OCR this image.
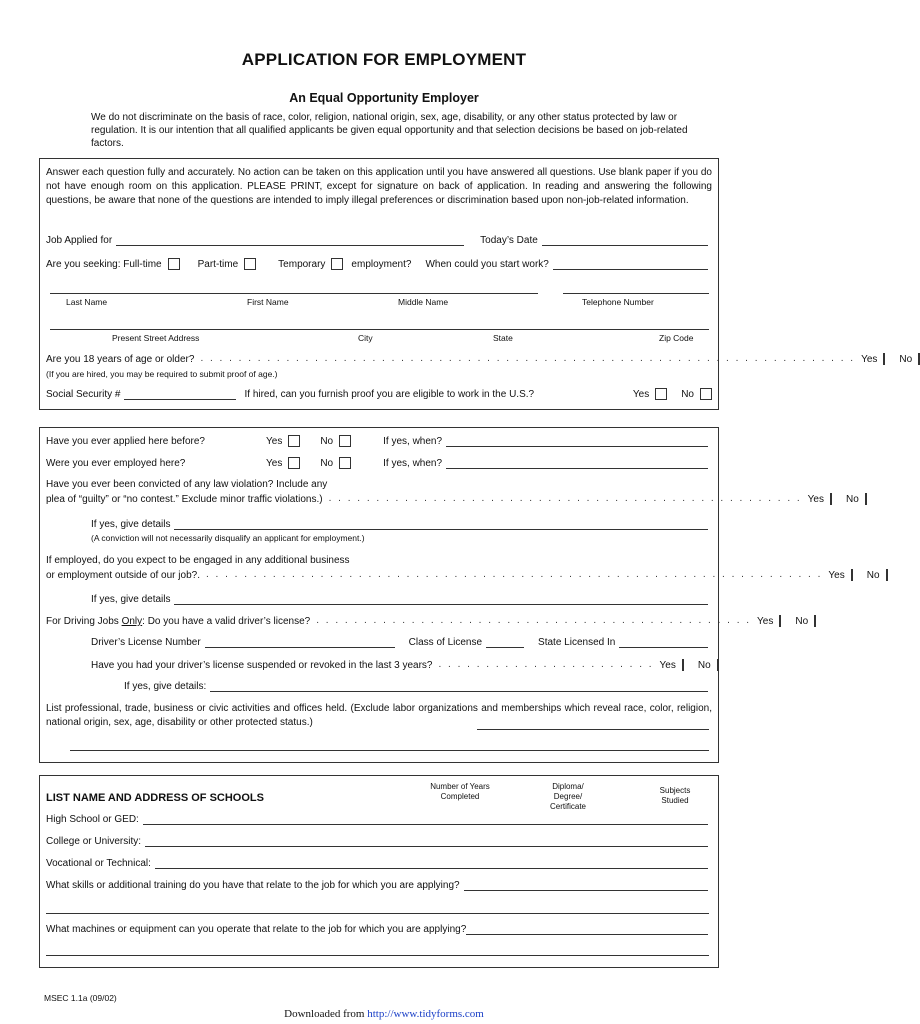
APPLICATION FOR EMPLOYMENT
An Equal Opportunity Employer
We do not discriminate on the basis of race, color, religion, national origin, sex, age, disability, or any other status protected by law or regulation. It is our intention that all qualified applicants be given equal opportunity and that selection decisions be based on job-related factors.
Answer each question fully and accurately. No action can be taken on this application until you have answered all questions. Use blank paper if you do not have enough room on this application. PLEASE PRINT, except for signature on back of application. In reading and answering the following questions, be aware that none of the questions are intended to imply illegal preferences or discrimination based upon non-job-related information.
Job Applied for	Today’s Date
Are you seeking: Full-time	Part-time	Temporary	employment? When could you start work?
Last Name	First Name	Middle Name	Telephone Number
Present Street Address	City	State	Zip Code
Are you 18 years of age or older? . . . . . . . . . . . . . . . . . . . . . . . . . . . . . . . . . . . . . . . . . . . . . . . . . . . . . . . . . . . . . . . . . . . . . Yes No
(If you are hired, you may be required to submit proof of age.)
Social Security #	If hired, can you furnish proof you are eligible to work in the U.S.?	Yes	No
Have you ever applied here before?	Yes	No	If yes, when?
Were you ever employed here?	Yes	No	If yes, when?
Have you ever been convicted of any law violation? Include any
plea of “guilty” or “no contest.” Exclude minor traffic violations.) . . . . . . . . . . . . . . . . . . . . . . . . . . . . . . . . . . . . . . . . . . . . . . . . . . Yes No
If yes, give details
(A conviction will not necessarily disqualify an applicant for employment.)
If employed, do you expect to be engaged in any additional business
or employment outside of our job?. . . . . . . . . . . . . . . . . . . . . . . . . . . . . . . . . . . . . . . . . . . . . . . . . . . . . . . . . . . . . . . . . . Yes No
If yes, give details
For Driving Jobs Only: Do you have a valid driver’s license? . . . . . . . . . . . . . . . . . . . . . . . . . . . . . . . . . . . . . . . . . . . . . . Yes No
Driver’s License Number	Class of License	State Licensed In
Have you had your driver’s license suspended or revoked in the last 3 years? . . . . . . . . . . . . . . . . . . . . . . . Yes No
If yes, give details:
List professional, trade, business or civic activities and offices held. (Exclude labor organizations and memberships which reveal race, color, religion, national origin, sex, age, disability or other protected status.)
LIST NAME AND ADDRESS OF SCHOOLS
Number of Years Completed
Diploma/ Degree/ Certificate
Subjects Studied
High School or GED:
College or University:
Vocational or Technical:
What skills or additional training do you have that relate to the job for which you are applying?
What machines or equipment can you operate that relate to the job for which you are applying?
MSEC 1.1a (09/02)
Downloaded from http://www.tidyforms.com
